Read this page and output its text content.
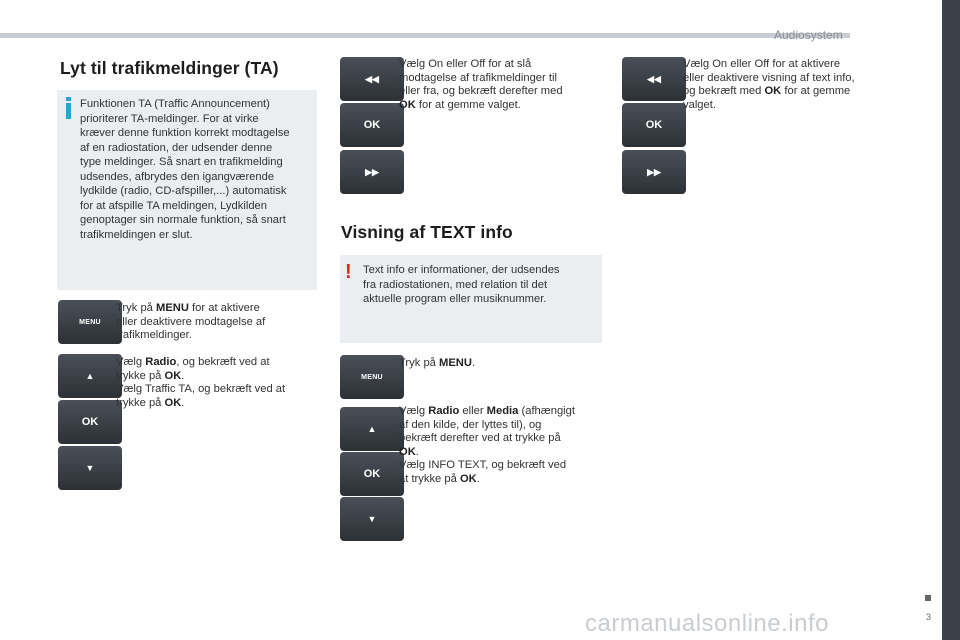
Audiosystem
Lyt til trafikmeldinger (TA)
Funktionen TA (Traffic Announcement)
prioriterer TA-meldinger. For at virke
kræver denne funktion korrekt modtagelse
af en radiostation, der udsender denne
type meldinger. Så snart en trafikmelding
udsendes, afbrydes den igangværende
lydkilde (radio, CD-afspiller,...) automatisk
for at afspille TA meldingen, Lydkilden
genoptager sin normale funktion, så snart
trafikmeldingen er slut.
MENU
▲
OK
▼
Tryk på MENU for at aktivere
eller deaktivere modtagelse af
trafikmeldinger.
Vælg Radio, og bekræft ved at
trykke på OK.
Vælg Traffic TA, og bekræft ved at
trykke på OK.
◀◀
OK
▶▶
Vælg On eller Off for at slå
modtagelse af trafikmeldinger til
eller fra, og bekræft derefter med
OK for at gemme valget.
Visning af TEXT info
! Text info er informationer, der udsendes
fra radiostationen, med relation til det
aktuelle program eller musiknummer.
MENU
▲
OK
▼
Tryk på MENU.
Vælg Radio eller Media (afhængigt
af den kilde, der lyttes til), og
bekræft derefter ved at trykke på
OK.
Vælg INFO TEXT, og bekræft ved
at trykke på OK.
◀◀
OK
▶▶
Vælg On eller Off for at aktivere
eller deaktivere visning af text info,
og bekræft med OK for at gemme
valget.
carmanualsonline.info	3
